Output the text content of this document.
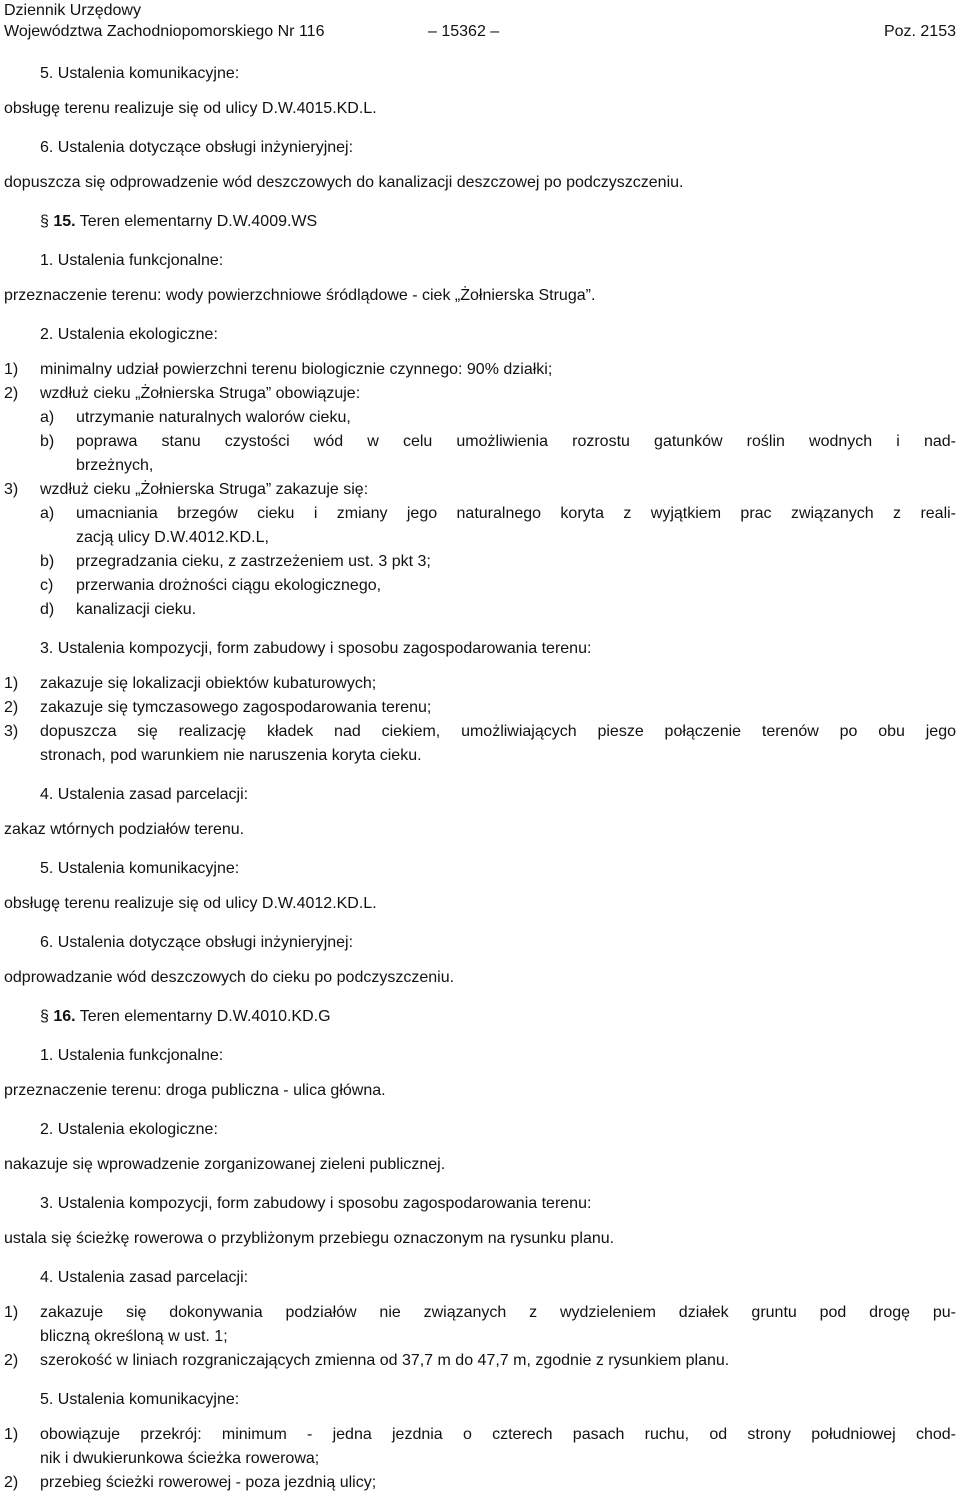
Dziennik Urzędowy
Województwa Zachodniopomorskiego Nr 116	– 15362 –	Poz. 2153
5. Ustalenia komunikacyjne:
obsługę terenu realizuje się od ulicy D.W.4015.KD.L.
6. Ustalenia dotyczące obsługi inżynieryjnej:
dopuszcza się odprowadzenie wód deszczowych do kanalizacji deszczowej po podczyszczeniu.
§ 15. Teren elementarny D.W.4009.WS
1. Ustalenia funkcjonalne:
przeznaczenie terenu: wody powierzchniowe śródlądowe - ciek „Żołnierska Struga”.
2. Ustalenia ekologiczne:
1) minimalny udział powierzchni terenu biologicznie czynnego: 90% działki;
2) wzdłuż cieku „Żołnierska Struga” obowiązuje:
a) utrzymanie naturalnych walorów cieku,
b) poprawa stanu czystości wód w celu umożliwienia rozrostu gatunków roślin wodnych i nad-
brzeżnych,
3) wzdłuż cieku „Żołnierska Struga” zakazuje się:
a) umacniania brzegów cieku i zmiany jego naturalnego koryta z wyjątkiem prac związanych z reali-
zacją ulicy D.W.4012.KD.L,
b) przegradzania cieku, z zastrzeżeniem ust. 3 pkt 3;
c) przerwania drożności ciągu ekologicznego,
d) kanalizacji cieku.
3. Ustalenia kompozycji, form zabudowy i sposobu zagospodarowania terenu:
1) zakazuje się lokalizacji obiektów kubaturowych;
2) zakazuje się tymczasowego zagospodarowania terenu;
3) dopuszcza się realizację kładek nad ciekiem, umożliwiających piesze połączenie terenów po obu jego
stronach, pod warunkiem nie naruszenia koryta cieku.
4. Ustalenia zasad parcelacji:
zakaz wtórnych podziałów terenu.
5. Ustalenia komunikacyjne:
obsługę terenu realizuje się od ulicy D.W.4012.KD.L.
6. Ustalenia dotyczące obsługi inżynieryjnej:
odprowadzanie wód deszczowych do cieku po podczyszczeniu.
§ 16. Teren elementarny D.W.4010.KD.G
1. Ustalenia funkcjonalne:
przeznaczenie terenu: droga publiczna - ulica główna.
2. Ustalenia ekologiczne:
nakazuje się wprowadzenie zorganizowanej zieleni publicznej.
3. Ustalenia kompozycji, form zabudowy i sposobu zagospodarowania terenu:
ustala się ścieżkę rowerowa o przybliżonym przebiegu oznaczonym na rysunku planu.
4. Ustalenia zasad parcelacji:
1) zakazuje się dokonywania podziałów nie związanych z wydzieleniem działek gruntu pod drogę pu-
bliczną określoną w ust. 1;
2) szerokość w liniach rozgraniczających zmienna od 37,7 m do 47,7 m, zgodnie z rysunkiem planu.
5. Ustalenia komunikacyjne:
1) obowiązuje przekrój: minimum - jedna jezdnia o czterech pasach ruchu, od strony południowej chod-
nik i dwukierunkowa ścieżka rowerowa;
2) przebieg ścieżki rowerowej - poza jezdnią ulicy;
